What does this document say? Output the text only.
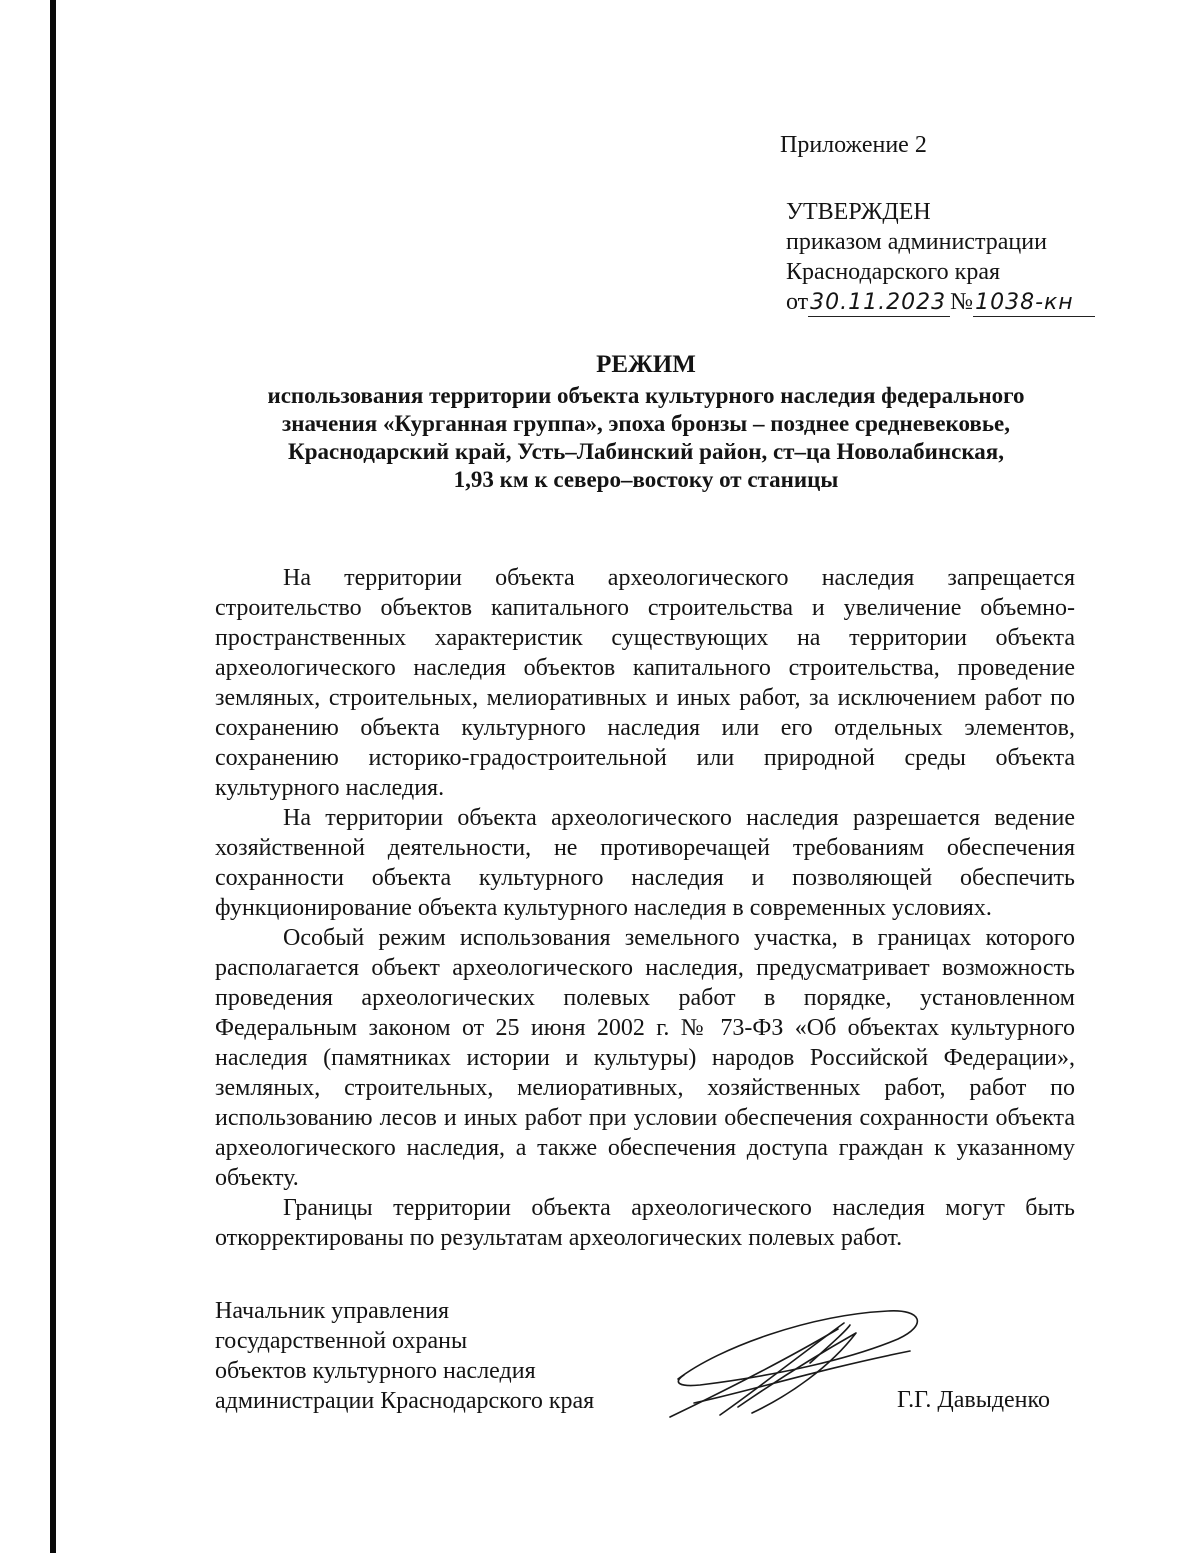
Приложение 2
УТВЕРЖДЕН
приказом администрации
Краснодарского края
от30.11.2023 №1038-кн
РЕЖИМ
использования территории объекта культурного наследия федерального
значения «Курганная группа», эпоха бронзы – позднее средневековье,
Краснодарский край, Усть–Лабинский район, ст–ца Новолабинская,
1,93 км к северо–востоку от станицы

На территории объекта археологического наследия запрещается строительство объектов капитального строительства и увеличение объемно-пространственных характеристик существующих на территории объекта археологического наследия объектов капитального строительства, проведение земляных, строительных, мелиоративных и иных работ, за исключением работ по сохранению объекта культурного наследия или его отдельных элементов, сохранению историко-градостроительной или природной среды объекта культурного наследия.

На территории объекта археологического наследия разрешается ведение хозяйственной деятельности, не противоречащей требованиям обеспечения сохранности объекта культурного наследия и позволяющей обеспечить функционирование объекта культурного наследия в современных условиях.

Особый режим использования земельного участка, в границах которого располагается объект археологического наследия, предусматривает возможность проведения археологических полевых работ в порядке, установленном Федеральным законом от 25 июня 2002 г. № 73-ФЗ «Об объектах культурного наследия (памятниках истории и культуры) народов Российской Федерации», земляных, строительных, мелиоративных, хозяйственных работ, работ по использованию лесов и иных работ при условии обеспечения сохранности объекта археологического наследия, а также обеспечения доступа граждан к указанному объекту.

Границы территории объекта археологического наследия могут быть откорректированы по результатам археологических полевых работ.

Начальник управления
государственной охраны
объектов культурного наследия
администрации Краснодарского края	Г.Г. Давыденко
